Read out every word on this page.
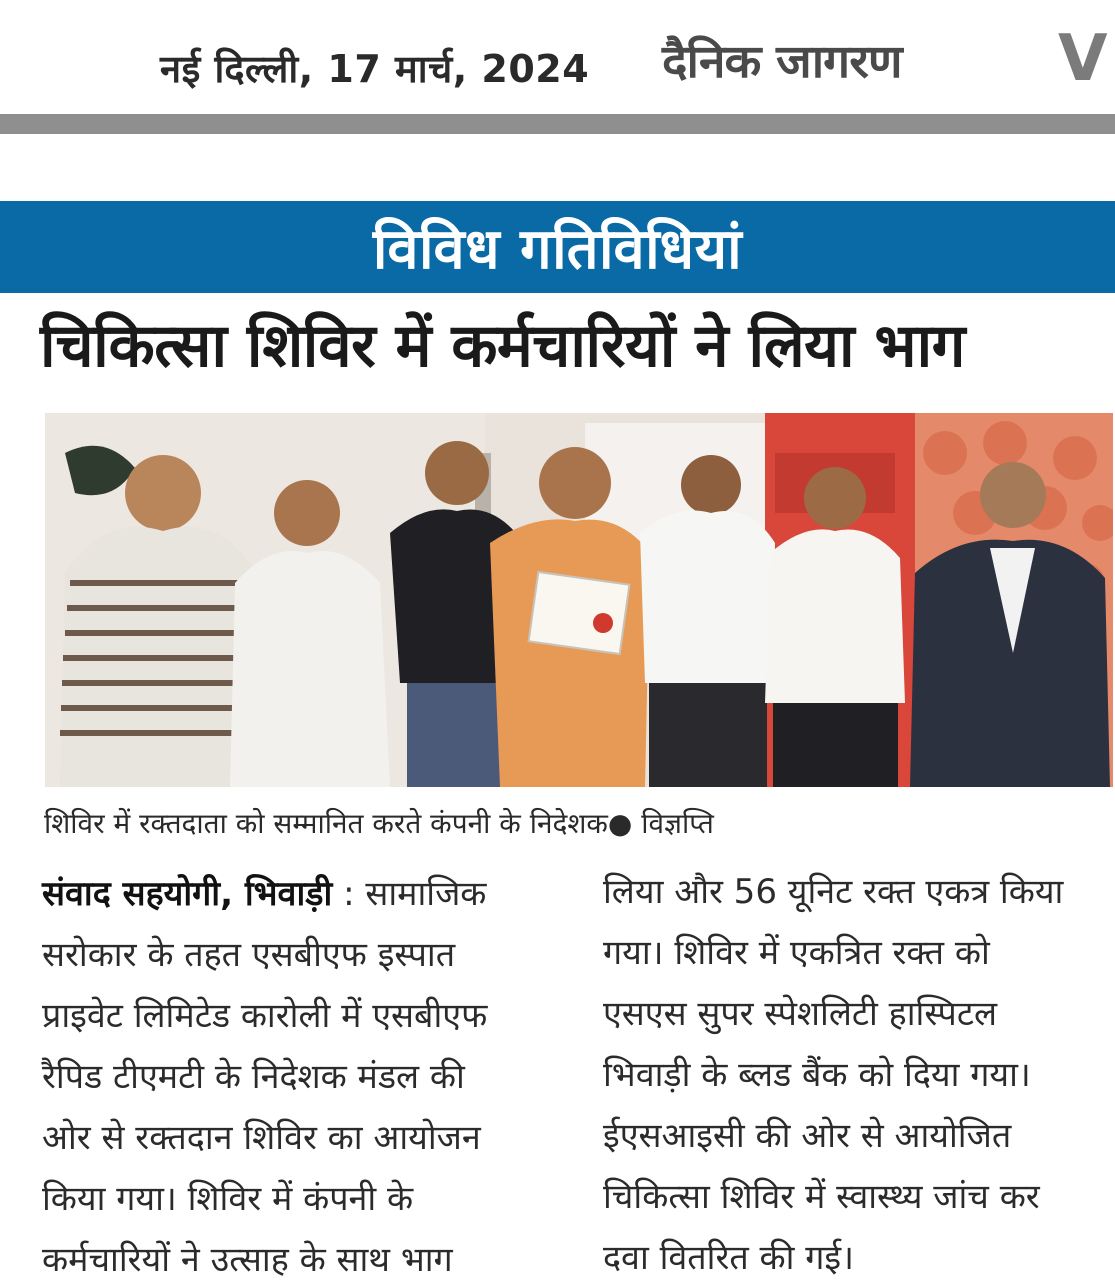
नई दिल्ली, 17 मार्च, 2024 दैनिक जागरण V
विविध गतिविधियां
चिकित्सा शिविर में कर्मचारियों ने लिया भाग
शिविर में रक्तदाता को सम्मानित करते कंपनी के निदेशक● विज्ञप्ति
संवाद सहयोगी, भिवाड़ी : सामाजिक
सरोकार के तहत एसबीएफ इस्पात
प्राइवेट लिमिटेड कारोली में एसबीएफ
रैपिड टीएमटी के निदेशक मंडल की
ओर से रक्तदान शिविर का आयोजन
किया गया। शिविर में कंपनी के
कर्मचारियों ने उत्साह के साथ भाग
लिया और 56 यूनिट रक्त एकत्र किया
गया। शिविर में एकत्रित रक्त को
एसएस सुपर स्पेशलिटी हास्पिटल
भिवाड़ी के ब्लड बैंक को दिया गया।
ईएसआइसी की ओर से आयोजित
चिकित्सा शिविर में स्वास्थ्य जांच कर
दवा वितरित की गई।
